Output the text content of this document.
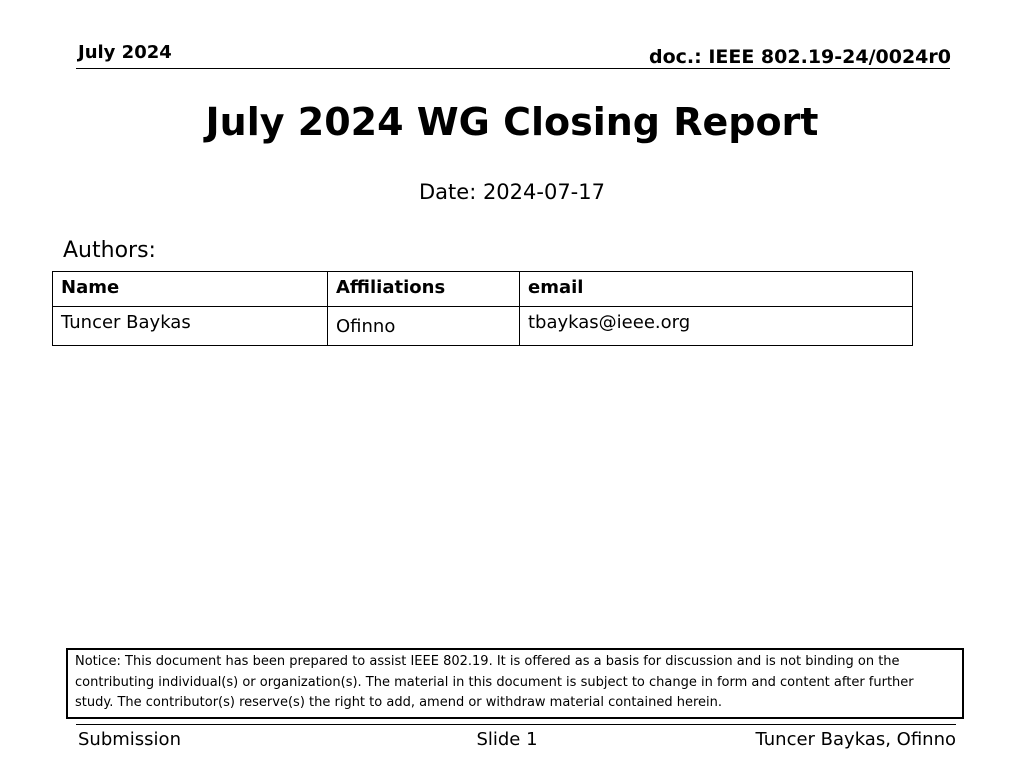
July 2024	doc.: IEEE 802.19-24/0024r0
July 2024 WG Closing Report
Date: 2024-07-17
Authors:
Name	Affiliations	email
Tuncer Baykas	Ofinno	tbaykas@ieee.org
Notice: This document has been prepared to assist IEEE 802.19. It is offered as a basis for discussion and is not binding on the contributing individual(s) or organization(s). The material in this document is subject to change in form and content after further study. The contributor(s) reserve(s) the right to add, amend or withdraw material contained herein.
Submission	Slide 1	Tuncer Baykas, Ofinno
